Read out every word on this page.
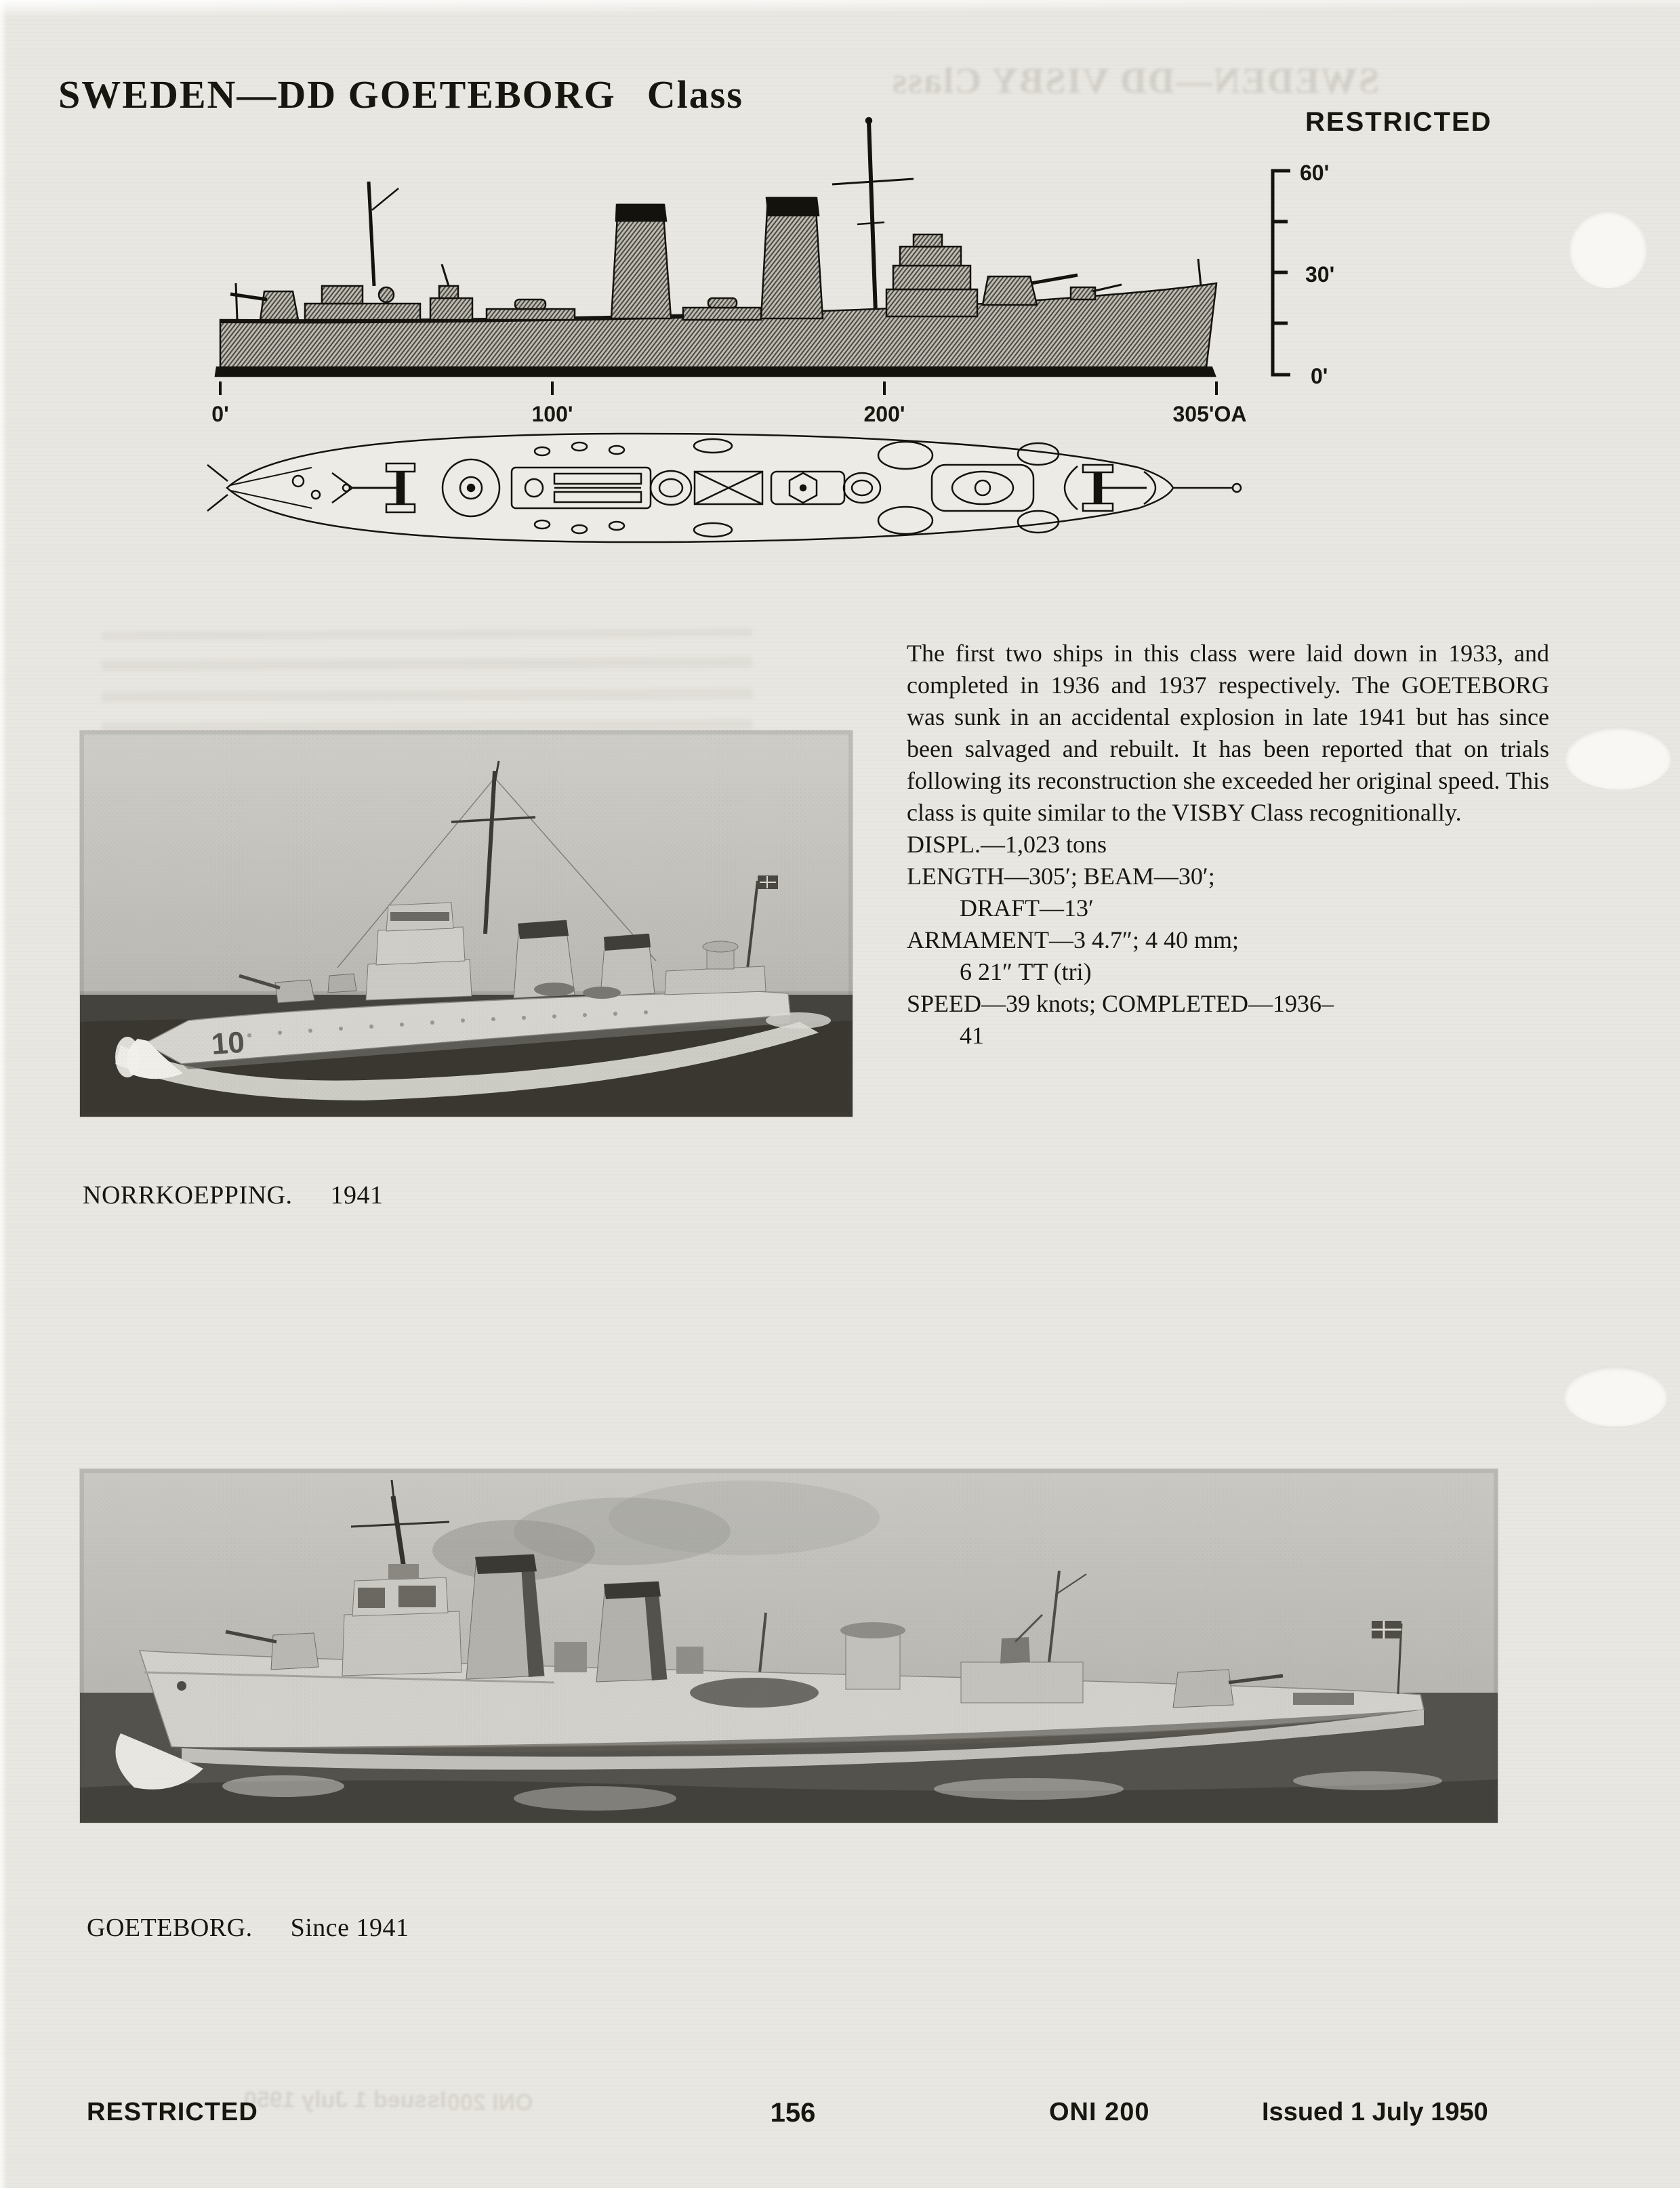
SWEDEN—DD VISBY Class
Issued 1 July 1950 ONI 200
SWEDEN—DD GOETEBORG Class
RESTRICTED
60'
30'
0'
0'	100'	200'	305'OA
The first two ships in this class were laid down in 1933, and completed in 1936 and 1937 respectively. The GOETEBORG was sunk in an accidental explosion in late 1941 but has since been salvaged and rebuilt. It has been reported that on trials following its reconstruction she exceeded her original speed. This class is quite similar to the VISBY Class recognitionally.
DISPL.—1,023 tons
LENGTH—305′; BEAM—30′;
DRAFT—13′
ARMAMENT—3 4.7″; 4 40 mm;
6 21″ TT (tri)
SPEED—39 knots; COMPLETED—1936–
41
NORRKOEPPING. 1941
GOETEBORG. Since 1941
RESTRICTED	156	ONI 200	Issued 1 July 1950
